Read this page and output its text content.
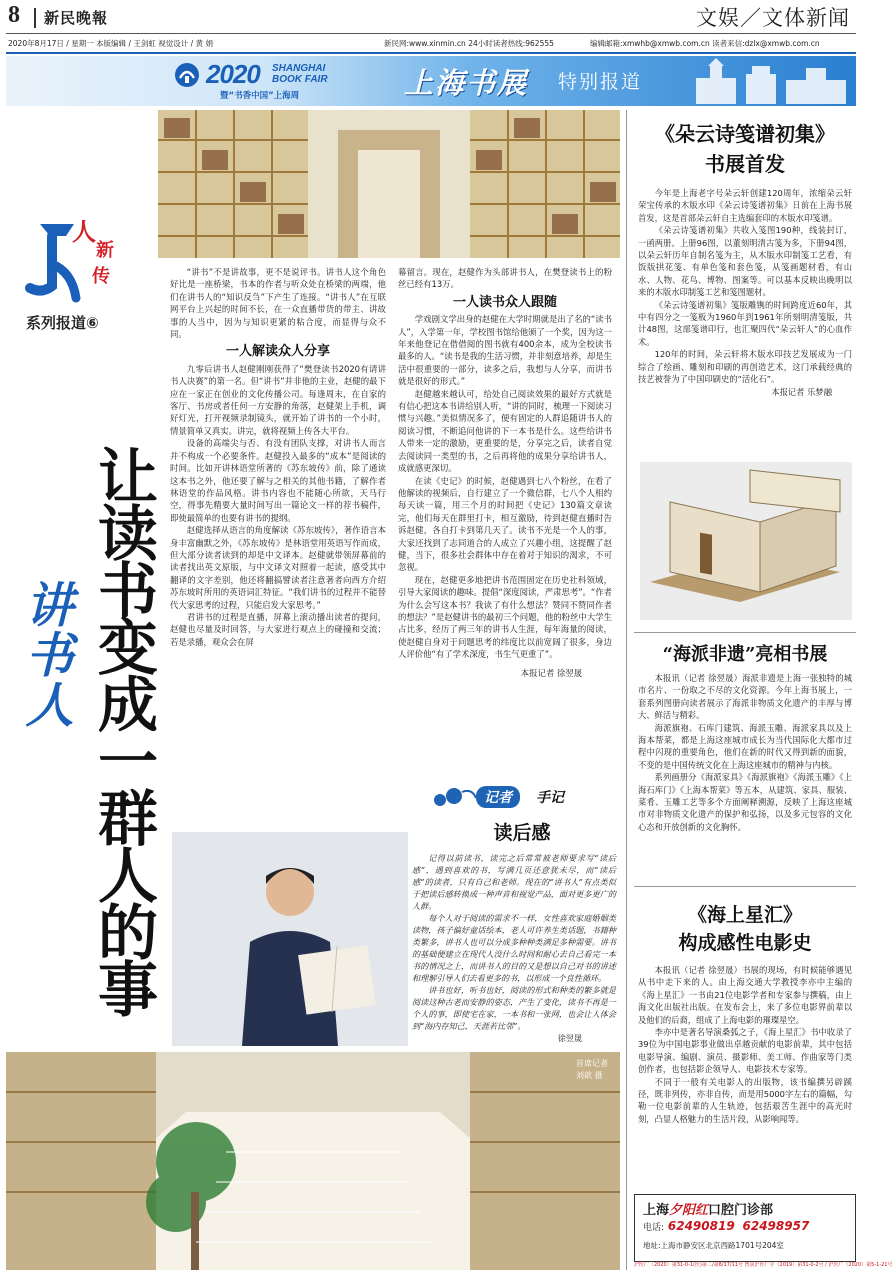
8 新民晚報	文娱／文体新闻
2020年8月17日 / 星期一 本版编辑 / 王剑虹 视觉设计 / 黄 娟	新民网:www.xinmin.cn 24小时读者热线:962555	编辑邮箱:xmwhb@xmwb.com.cn 读者来信:dzlx@xmwb.com.cn
2020 SHANGHAI
BOOK FAIR
暨“书香中国”上海周	上海书展 特别报道
人
新
传
系列报道⑥
让读书变成一群人的事
讲书人

“讲书”不是讲故事，更不是说评书。讲书人这个角色好比是一座桥梁，书本的作者与听众处在桥梁的两端，他们在讲书人的“知识反刍”下产生了连接。“讲书人”在互联网平台上兴起的时间不长，在一众直播带货的带主、讲故事的人当中，因为与知识更紧的粘合度，而显得与众不同。

一人解读众人分享

九零后讲书人赵健刚刚获得了“樊登读书2020有请讲书人决赛”的第一名。但“讲书”并非他的主业，赵健的最下应在一家正在创业的文化传播公司。每逢周末，在自家的客厅、书房或者任何一方安静的角落，赵健架上手机，调好灯光，打开视频录制镜头，就开始了讲书的一个小时，情景简单又真实。讲完，就将视频上传各大平台。

设备的高端尖与否、有没有团队支撑，对讲书人而言并不构成一个必要条件。赵健投入最多的“成本”是阅读的时间。比如开讲林语堂所著的《苏东坡传》前，除了通读这本书之外，他还要了解与之相关的其他书籍，了解作者林语堂的作品风格。讲书内容也不能随心所欲，天马行空，得事先精要大量时间写出一篇论文一样的荐书稿件，即使最简单的也要有讲书的提纲。

赵健选择从语言的角度解读《苏东坡传》，著作语言本身丰富幽默之外，《苏东坡传》是林语堂用英语写作而成，但大部分读者读到的却是中文译本。赵健就带领屏幕前的读者找出英文原版，与中文译文对照着一起读，感受其中翻译的文字差别，他还将翻搞譬读者注意著者向西方介绍苏东坡时所用的英语词汇特征。“我们讲书的过程并不能替代大家思考的过程，只能启发大家思考。”

君讲书的过程是直播，屏幕上滚动播出读者的提问，赵健也尽量及时回答，与大家进行观点上的碰撞和交流；若是录播，观众会在屏

幕留言。现在，赵健作为头部讲书人，在樊登读书上的粉丝已经有13万。

一人读书众人跟随

学戏剧文学出身的赵健在大学时期就是出了名的“读书人”，入学第一年，学校图书馆给他颁了一个奖，因为这一年来他登记在借借阅的图书就有400余本，成为全校读书最多的人。“读书是我的生活习惯，并非刻意培养，却是生活中很重要的一部分，读多之后，我想与人分享，而讲书就是很好的形式。”

赵健越来越认可，给处自己阅读效果的最好方式就是有信心把这本书讲给别人听，“讲的同时，梳理一下阅读习惯与兴趣。”美似情况多了，便有固定的人群追随讲书人的阅读习惯，不断追问他讲的下一本书是什么。这些给讲书人带来一定的激励，更重要的是，分享完之后，读者自觉去阅读同一类型的书，之后再将他的成果分享给讲书人，成就感更深切。

在读《史记》的时候，赵健遇到七八个粉丝，在看了他解读的视频后，自行建立了一个微信群，七八个人相约每天读一篇，用三个月的时间把《史记》130篇文章读完，他们每天在群里打卡，相互激励，待到赵健直播时告诉赵健，各自打卡到第几天了。读书不光是一个人的事，大家还找到了志同道合的人成立了兴趣小组，这提醒了赵健，当下，很多社会群体中存在着对于知识的渴求，不可忽视。

现在，赵健更多地把讲书范围固定在历史社科领域，引导大家阅读的趣味。提倡“深度阅读，严肃思考”。“作者为什么会写这本书？我读了有什么想法？赞同不赞同作者的想法？”是赵健讲书的最初三个问题，他的粉丝中大学生占比多，经历了两三年的讲书人生涯，每年海量的阅读，使赵健自身对于问题思考的纬度比以前宽阔了很多，身边人评价他“有了学术深度，书生气更重了”。

本报记者 徐翌晟
记者	手记
读后感

记得以前读书，读完之后常常被老师要求写“读后感”，遇到喜欢的书，写满几页还意犹未尽，而“读后感”的读者，只有自己和老师。现在的“讲书人”有点类似于把读后感转换成一种声音和视觉产品，面对更多更广的人群。

每个人对于阅读的需求不一样，女性喜欢家庭婚姻类读物，孩子偏好童话绘本，老人可许养生类话题，书籍种类繁多，讲书人也可以分成多种种类满足多种需要。讲书的基础便建立在现代人没什么时间和耐心去自己看完一本书的情况之上，而讲书人的目的又是想以自己对书的讲述和理解引导人们去看更多的书，以形成一个良性循环。

讲书也好，听书也好，阅读的形式和种类的繁多就是阅读这种古老而安静的姿态，产生了变化，读书不再是一个人的事，即使宅在家，一本书和一张网，也会让人体会到“海内存知己，天涯若比邻”。

徐翌晟
首席记者
刘歆 摄
《朵云诗笺谱初集》
书展首发

今年是上海老字号朵云轩创建120周年，浓缩朵云轩荣宝传承的木版水印《朵云诗笺谱初集》日前在上海书展首发，这是首部朵云轩自主选编套印的木版水印笺谱。

《朵云诗笺谱初集》共收入笺图190种，线装封订，一函两册。上册96图，以董刻明清古笺为多，下册94图，以朵云轩历年自制名笺为主，从木版水印制笺工艺看，有饭版拱花笺、有单色笺和套色笺，从笺画题材看，有山水、人物、花鸟、博物、图案等。可以基本反映出晚明以来的木版水印制笺工艺和笺图题材。

《朵云诗笺谱初集》笺版雕镌的时间跨度近60年，其中有四分之一笺板为1960年到1961年所刻明清笺版，共计48图，这部笺谱印行，也汇聚四代“朵云轩人”的心血作术。

120年的时间，朵云轩将木版水印技艺发展成为一门综合了绘画、雕刻和印刷的再创造艺术，这门承载经典的技艺被誉为了中国印刷史的“活化石”。

本报记者 乐梦融
“海派非遗”亮相书展

本报讯（记者 徐翌晟）海派非遗是上海一张独特的城市名片、一份取之不尽的文化资源。今年上海书展上，一套系列图册向读者展示了海派非物质文化遗产的丰厚与博大、鲜活与精彩。

海派旗袍、石库门建筑、海派玉雕、海派家具以及上海本帮菜，都是上海这座城市成长为当代国际化大都市过程中闪现的重要角色，他们在新的时代又得到新的面貌，不变的是中国传统文化在上海这座城市的精神与内核。

系列画册分《海派家具》《海派旗袍》《海派玉雕》《上海石库门》《上海本帮菜》等五本，从建筑、家具、服装、菜肴、玉雕工艺等多个方面阐释溯源，反映了上海这座城市对非物质文化遗产的保护和弘扬，以及多元包容的文化心态和开放创新的文化胸怀。

《海上星汇》
构成感性电影史

本报讯（记者 徐翌晟）书展的现场，有时候能够遇见从书中走下来的人。由上海交通大学教授李亦中主编的《海上星汇》一书由21位电影学者和专家参与撰稿，由上海文化出版社出版。在发布会上，来了多位电影界前辈以及他们的后裔，组成了上海电影的璀璨星空。

李亦中是著名导演桑弧之子，《海上星汇》书中收录了39位为中国电影事业做出卓越贡献的电影前辈，其中包括电影导演、编剧、演员、摄影师、美工师、作曲家等门类创作者，也包括影企领导人、电影技术专家等。

不同于一般有关电影人的出版物，该书编撰另辟蹊径，既非列传，亦非自传，而是用5000字左右的篇幅，勾勒一位电影前辈的人生轨迹，包括艰苦生涯中的高光时刻，凸显人格魅力的生活片段，从影响闻等。

上海夕阳红口腔门诊部
电话: 62490819 62498957
地址:上海市静安区北京西路1701号204室
沪医广（2020）第31-0-1(医)第二/第8/17/11号 曾获沪医广字（2019）第31-0-2号 / 沪医广（2020）第5-1-21号
